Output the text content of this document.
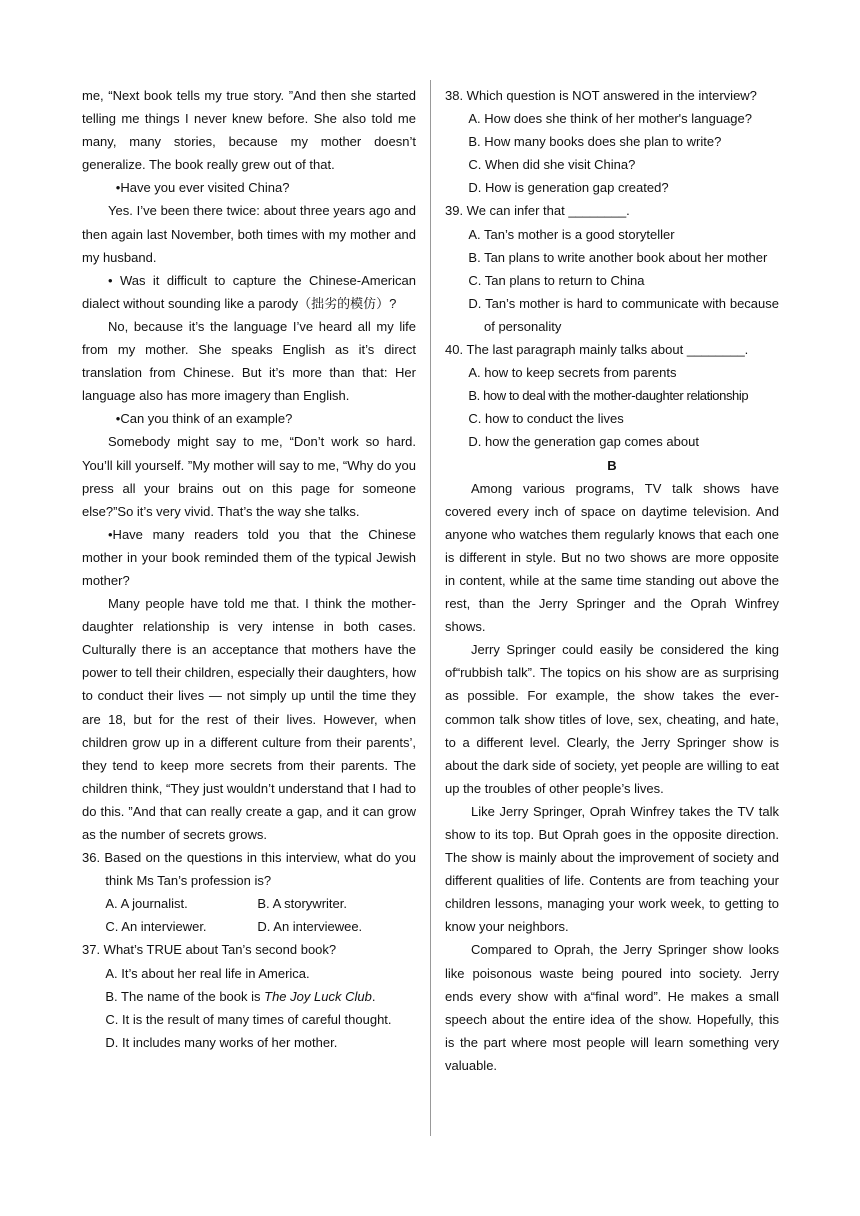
me, “Next book tells my true story. ”And then she started telling me things I never knew before. She also told me many, many stories, because my mother doesn’t generalize. The book really grew out of that.

•Have you ever visited China?

Yes. I’ve been there twice: about three years ago and then again last November, both times with my mother and my husband.

• Was it difficult to capture the Chinese-American dialect without sounding like a parody（拙劣的模仿）?

No, because it’s the language I’ve heard all my life from my mother. She speaks English as it’s direct translation from Chinese. But it’s more than that: Her language also has more imagery than English.

•Can you think of an example?

Somebody might say to me, “Don’t work so hard. You’ll kill yourself. ”My mother will say to me, “Why do you press all your brains out on this page for someone else?”So it’s very vivid. That’s the way she talks.

•Have many readers told you that the Chinese mother in your book reminded them of the typical Jewish mother?

Many people have told me that. I think the mother-daughter relationship is very intense in both cases. Culturally there is an acceptance that mothers have the power to tell their children, especially their daughters, how to conduct their lives — not simply up until the time they are 18, but for the rest of their lives. However, when children grow up in a different culture from their parents’, they tend to keep more secrets from their parents. The children think, “They just wouldn’t understand that I had to do this. ”And that can really create a gap, and it can grow as the number of secrets grows.

36. Based on the questions in this interview, what do you think Ms Tan’s profession is?

A. A journalist.	B. A storywriter.
C. An interviewer.	D. An interviewee.

37. What’s TRUE about Tan’s second book?

A. It’s about her real life in America.

B. The name of the book is The Joy Luck Club.

C. It is the result of many times of careful thought.

D. It includes many works of her mother.

38. Which question is NOT answered in the interview?

A. How does she think of her mother's language?

B. How many books does she plan to write?

C. When did she visit China?

D. How is generation gap created?

39. We can infer that ________.

A. Tan’s mother is a good storyteller

B. Tan plans to write another book about her mother

C. Tan plans to return to China

D. Tan’s mother is hard to communicate with because of personality

40. The last paragraph mainly talks about ________.

A. how to keep secrets from parents

B. how to deal with the mother-daughter relationship

C. how to conduct the lives

D. how the generation gap comes about

B

Among various programs, TV talk shows have covered every inch of space on daytime television. And anyone who watches them regularly knows that each one is different in style. But no two shows are more opposite in content, while at the same time standing out above the rest, than the Jerry Springer and the Oprah Winfrey shows.

Jerry Springer could easily be considered the king of“rubbish talk”. The topics on his show are as surprising as possible. For example, the show takes the ever-common talk show titles of love, sex, cheating, and hate, to a different level. Clearly, the Jerry Springer show is about the dark side of society, yet people are willing to eat up the troubles of other people’s lives.

Like Jerry Springer, Oprah Winfrey takes the TV talk show to its top. But Oprah goes in the opposite direction. The show is mainly about the improvement of society and different qualities of life. Contents are from teaching your children lessons, managing your work week, to getting to know your neighbors.

Compared to Oprah, the Jerry Springer show looks like poisonous waste being poured into society. Jerry ends every show with a“final word”. He makes a small speech about the entire idea of the show. Hopefully, this is the part where most people will learn something very valuable.
